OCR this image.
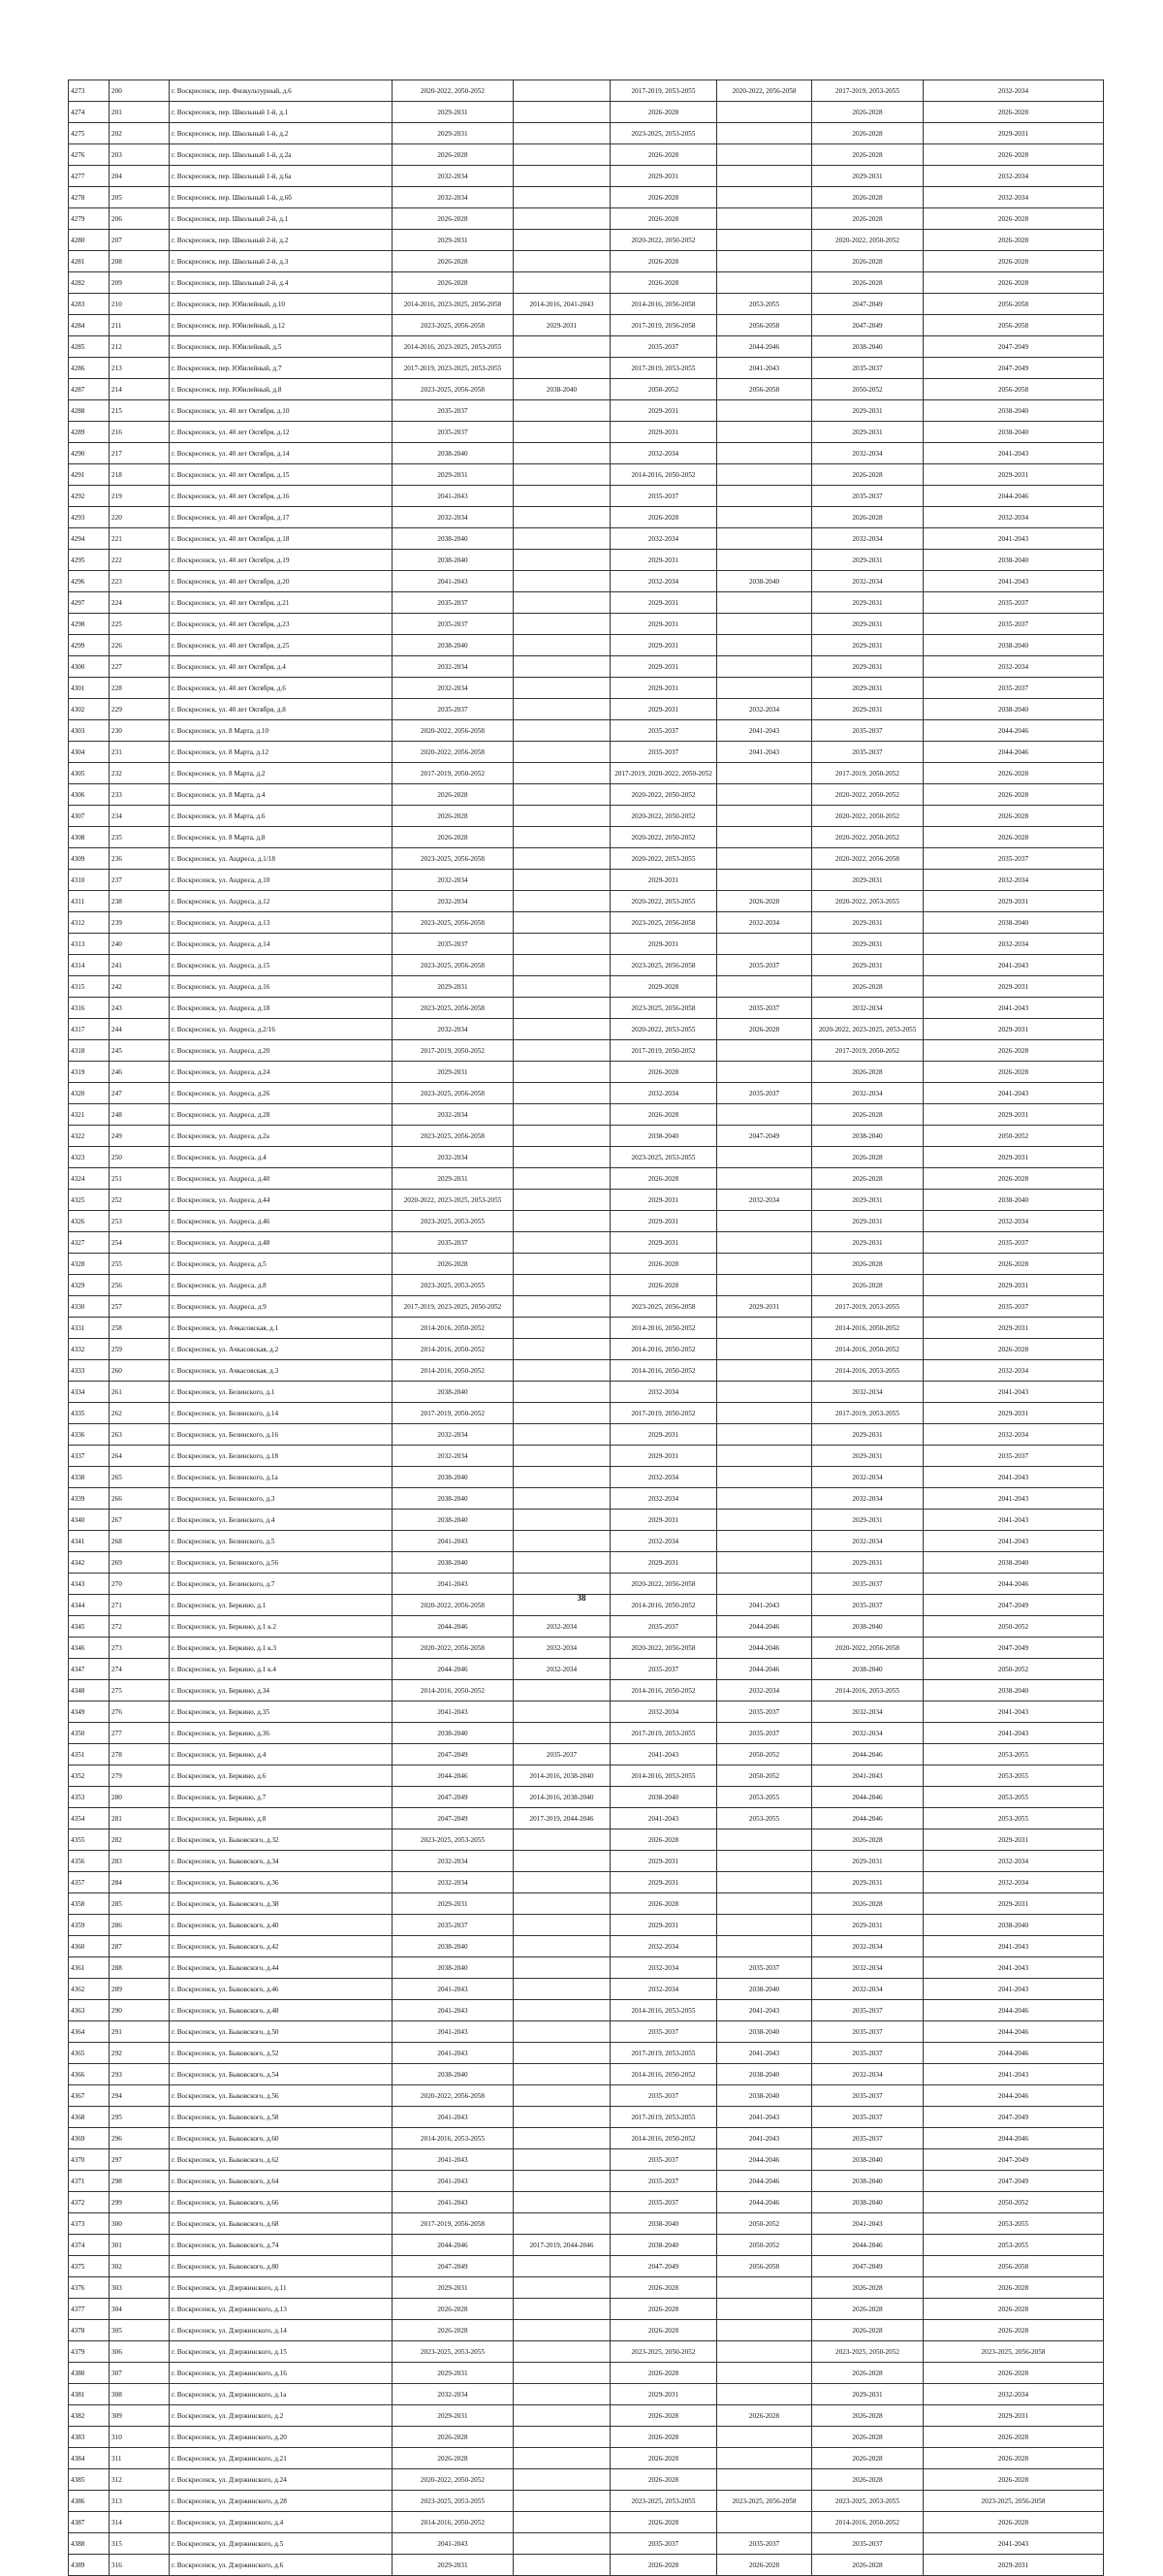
4273	200	г. Воскресенск, пер. Физкультурный, д.6	2020-2022, 2050-2052		2017-2019, 2053-2055	2020-2022, 2056-2058	2017-2019, 2053-2055	2032-2034
4274	201	г. Воскресенск, пер. Школьный 1-й, д.1	2029-2031		2026-2028		2026-2028	2026-2028
4275	202	г. Воскресенск, пер. Школьный 1-й, д.2	2029-2031		2023-2025, 2053-2055		2026-2028	2029-2031
4276	203	г. Воскресенск, пер. Школьный 1-й, д.2а	2026-2028		2026-2028		2026-2028	2026-2028
4277	204	г. Воскресенск, пер. Школьный 1-й, д.6а	2032-2034		2029-2031		2029-2031	2032-2034
4278	205	г. Воскресенск, пер. Школьный 1-й, д.6б	2032-2034		2026-2028		2026-2028	2032-2034
4279	206	г. Воскресенск, пер. Школьный 2-й, д.1	2026-2028		2026-2028		2026-2028	2026-2028
4280	207	г. Воскресенск, пер. Школьный 2-й, д.2	2029-2031		2020-2022, 2050-2052		2020-2022, 2050-2052	2026-2028
4281	208	г. Воскресенск, пер. Школьный 2-й, д.3	2026-2028		2026-2028		2026-2028	2026-2028
4282	209	г. Воскресенск, пер. Школьный 2-й, д.4	2026-2028		2026-2028		2026-2028	2026-2028
4283	210	г. Воскресенск, пер. Юбилейный, д.10	2014-2016, 2023-2025, 2056-2058	2014-2016, 2041-2043	2014-2016, 2056-2058	2053-2055	2047-2049	2056-2058
4284	211	г. Воскресенск, пер. Юбилейный, д.12	2023-2025, 2056-2058	2029-2031	2017-2019, 2056-2058	2056-2058	2047-2049	2056-2058
4285	212	г. Воскресенск, пер. Юбилейный, д.5	2014-2016, 2023-2025, 2053-2055		2035-2037	2044-2046	2038-2040	2047-2049
4286	213	г. Воскресенск, пер. Юбилейный, д.7	2017-2019, 2023-2025, 2053-2055		2017-2019, 2053-2055	2041-2043	2035-2037	2047-2049
4287	214	г. Воскресенск, пер. Юбилейный, д.8	2023-2025, 2056-2058	2038-2040	2050-2052	2056-2058	2050-2052	2056-2058
4288	215	г. Воскресенск, ул. 40 лет Октября, д.10	2035-2037		2029-2031		2029-2031	2038-2040
4289	216	г. Воскресенск, ул. 40 лет Октября, д.12	2035-2037		2029-2031		2029-2031	2038-2040
4290	217	г. Воскресенск, ул. 40 лет Октября, д.14	2038-2040		2032-2034		2032-2034	2041-2043
4291	218	г. Воскресенск, ул. 40 лет Октября, д.15	2029-2031		2014-2016, 2050-2052		2026-2028	2029-2031
4292	219	г. Воскресенск, ул. 40 лет Октября, д.16	2041-2043		2035-2037		2035-2037	2044-2046
4293	220	г. Воскресенск, ул. 40 лет Октября, д.17	2032-2034		2026-2028		2026-2028	2032-2034
4294	221	г. Воскресенск, ул. 40 лет Октября, д.18	2038-2040		2032-2034		2032-2034	2041-2043
4295	222	г. Воскресенск, ул. 40 лет Октября, д.19	2038-2040		2029-2031		2029-2031	2038-2040
4296	223	г. Воскресенск, ул. 40 лет Октября, д.20	2041-2043		2032-2034	2038-2040	2032-2034	2041-2043
4297	224	г. Воскресенск, ул. 40 лет Октября, д.21	2035-2037		2029-2031		2029-2031	2035-2037
4298	225	г. Воскресенск, ул. 40 лет Октября, д.23	2035-2037		2029-2031		2029-2031	2035-2037
4299	226	г. Воскресенск, ул. 40 лет Октября, д.25	2038-2040		2029-2031		2029-2031	2038-2040
4300	227	г. Воскресенск, ул. 40 лет Октября, д.4	2032-2034		2029-2031		2029-2031	2032-2034
4301	228	г. Воскресенск, ул. 40 лет Октября, д.6	2032-2034		2029-2031		2029-2031	2035-2037
4302	229	г. Воскресенск, ул. 40 лет Октября, д.8	2035-2037		2029-2031	2032-2034	2029-2031	2038-2040
4303	230	г. Воскресенск, ул. 8 Марта, д.10	2020-2022, 2056-2058		2035-2037	2041-2043	2035-2037	2044-2046
4304	231	г. Воскресенск, ул. 8 Марта, д.12	2020-2022, 2056-2058		2035-2037	2041-2043	2035-2037	2044-2046
4305	232	г. Воскресенск, ул. 8 Марта, д.2	2017-2019, 2050-2052		2017-2019, 2020-2022, 2050-2052		2017-2019, 2050-2052	2026-2028
4306	233	г. Воскресенск, ул. 8 Марта, д.4	2026-2028		2020-2022, 2050-2052		2020-2022, 2050-2052	2026-2028
4307	234	г. Воскресенск, ул. 8 Марта, д.6	2026-2028		2020-2022, 2050-2052		2020-2022, 2050-2052	2026-2028
4308	235	г. Воскресенск, ул. 8 Марта, д.8	2026-2028		2020-2022, 2050-2052		2020-2022, 2050-2052	2026-2028
4309	236	г. Воскресенск, ул. Андреса, д.1/18	2023-2025, 2056-2058		2020-2022, 2053-2055		2020-2022, 2056-2058	2035-2037
4310	237	г. Воскресенск, ул. Андреса, д.10	2032-2034		2029-2031		2029-2031	2032-2034
4311	238	г. Воскресенск, ул. Андреса, д.12	2032-2034		2020-2022, 2053-2055	2026-2028	2020-2022, 2053-2055	2029-2031
4312	239	г. Воскресенск, ул. Андреса, д.13	2023-2025, 2056-2058		2023-2025, 2056-2058	2032-2034	2029-2031	2038-2040
4313	240	г. Воскресенск, ул. Андреса, д.14	2035-2037		2029-2031		2029-2031	2032-2034
4314	241	г. Воскресенск, ул. Андреса, д.15	2023-2025, 2056-2058		2023-2025, 2056-2058	2035-2037	2029-2031	2041-2043
4315	242	г. Воскресенск, ул. Андреса, д.16	2029-2031		2029-2028		2026-2028	2029-2031
4316	243	г. Воскресенск, ул. Андреса, д.18	2023-2025, 2056-2058		2023-2025, 2056-2058	2035-2037	2032-2034	2041-2043
4317	244	г. Воскресенск, ул. Андреса, д.2/16	2032-2034		2020-2022, 2053-2055	2026-2028	2020-2022, 2023-2025, 2053-2055	2029-2031
4318	245	г. Воскресенск, ул. Андреса, д.20	2017-2019, 2050-2052		2017-2019, 2050-2052		2017-2019, 2050-2052	2026-2028
4319	246	г. Воскресенск, ул. Андреса, д.24	2029-2031		2026-2028		2026-2028	2026-2028
4320	247	г. Воскресенск, ул. Андреса, д.26	2023-2025, 2056-2058		2032-2034	2035-2037	2032-2034	2041-2043
4321	248	г. Воскресенск, ул. Андреса, д.28	2032-2034		2026-2028		2026-2028	2029-2031
4322	249	г. Воскресенск, ул. Андреса, д.2а	2023-2025, 2056-2058		2038-2040	2047-2049	2038-2040	2050-2052
4323	250	г. Воскресенск, ул. Андреса, д.4	2032-2034		2023-2025, 2053-2055		2026-2028	2029-2031
4324	251	г. Воскресенск, ул. Андреса, д.40	2029-2031		2026-2028		2026-2028	2026-2028
4325	252	г. Воскресенск, ул. Андреса, д.44	2020-2022, 2023-2025, 2053-2055		2029-2031	2032-2034	2029-2031	2038-2040
4326	253	г. Воскресенск, ул. Андреса, д.46	2023-2025, 2053-2055		2029-2031		2029-2031	2032-2034
4327	254	г. Воскресенск, ул. Андреса, д.48	2035-2037		2029-2031		2029-2031	2035-2037
4328	255	г. Воскресенск, ул. Андреса, д.5	2026-2028		2026-2028		2026-2028	2026-2028
4329	256	г. Воскресенск, ул. Андреса, д.8	2023-2025, 2053-2055		2026-2028		2026-2028	2029-2031
4330	257	г. Воскресенск, ул. Андреса, д.9	2017-2019, 2023-2025, 2050-2052		2023-2025, 2056-2058	2029-2031	2017-2019, 2053-2055	2035-2037
4331	258	г. Воскресенск, ул. Ачкасовская, д.1	2014-2016, 2050-2052		2014-2016, 2050-2052		2014-2016, 2050-2052	2029-2031
4332	259	г. Воскресенск, ул. Ачкасовская, д.2	2014-2016, 2050-2052		2014-2016, 2050-2052		2014-2016, 2050-2052	2026-2028
4333	260	г. Воскресенск, ул. Ачкасовская, д.3	2014-2016, 2050-2052		2014-2016, 2050-2052		2014-2016, 2053-2055	2032-2034
4334	261	г. Воскресенск, ул. Белинского, д.1	2038-2040		2032-2034		2032-2034	2041-2043
4335	262	г. Воскресенск, ул. Белинского, д.14	2017-2019, 2050-2052		2017-2019, 2050-2052		2017-2019, 2053-2055	2029-2031
4336	263	г. Воскресенск, ул. Белинского, д.16	2032-2034		2029-2031		2029-2031	2032-2034
4337	264	г. Воскресенск, ул. Белинского, д.18	2032-2034		2029-2031		2029-2031	2035-2037
4338	265	г. Воскресенск, ул. Белинского, д.1а	2038-2040		2032-2034		2032-2034	2041-2043
4339	266	г. Воскресенск, ул. Белинского, д.3	2038-2040		2032-2034		2032-2034	2041-2043
4340	267	г. Воскресенск, ул. Белинского, д.4	2038-2040		2029-2031		2029-2031	2041-2043
4341	268	г. Воскресенск, ул. Белинского, д.5	2041-2043		2032-2034		2032-2034	2041-2043
4342	269	г. Воскресенск, ул. Белинского, д.56	2038-2040		2029-2031		2029-2031	2038-2040
4343	270	г. Воскресенск, ул. Белинского, д.7	2041-2043		2020-2022, 2056-2058		2035-2037	2044-2046
4344	271	г. Воскресенск, ул. Беркино, д.1	2020-2022, 2056-2058		2014-2016, 2050-2052	2041-2043	2035-2037	2047-2049
4345	272	г. Воскресенск, ул. Беркино, д.1 к.2	2044-2046	2032-2034	2035-2037	2044-2046	2038-2040	2050-2052
4346	273	г. Воскресенск, ул. Беркино, д.1 к.3	2020-2022, 2056-2058	2032-2034	2020-2022, 2056-2058	2044-2046	2020-2022, 2056-2058	2047-2049
4347	274	г. Воскресенск, ул. Беркино, д.1 к.4	2044-2046	2032-2034	2035-2037	2044-2046	2038-2040	2050-2052
4348	275	г. Воскресенск, ул. Беркино, д.34	2014-2016, 2050-2052		2014-2016, 2050-2052	2032-2034	2014-2016, 2053-2055	2038-2040
4349	276	г. Воскресенск, ул. Беркино, д.35	2041-2043		2032-2034	2035-2037	2032-2034	2041-2043
4350	277	г. Воскресенск, ул. Беркино, д.36	2038-2040		2017-2019, 2053-2055	2035-2037	2032-2034	2041-2043
4351	278	г. Воскресенск, ул. Беркино, д.4	2047-2049	2035-2037	2041-2043	2050-2052	2044-2046	2053-2055
4352	279	г. Воскресенск, ул. Беркино, д.6	2044-2046	2014-2016, 2038-2040	2014-2016, 2053-2055	2050-2052	2041-2043	2053-2055
4353	280	г. Воскресенск, ул. Беркино, д.7	2047-2049	2014-2016, 2038-2040	2038-2040	2053-2055	2044-2046	2053-2055
4354	281	г. Воскресенск, ул. Беркино, д.8	2047-2049	2017-2019, 2044-2046	2041-2043	2053-2055	2044-2046	2053-2055
4355	282	г. Воскресенск, ул. Быковского, д.32	2023-2025, 2053-2055		2026-2028		2026-2028	2029-2031
4356	283	г. Воскресенск, ул. Быковского, д.34	2032-2034		2029-2031		2029-2031	2032-2034
4357	284	г. Воскресенск, ул. Быковского, д.36	2032-2034		2029-2031		2029-2031	2032-2034
4358	285	г. Воскресенск, ул. Быковского, д.38	2029-2031		2026-2028		2026-2028	2029-2031
4359	286	г. Воскресенск, ул. Быковского, д.40	2035-2037		2029-2031		2029-2031	2038-2040
4360	287	г. Воскресенск, ул. Быковского, д.42	2038-2040		2032-2034		2032-2034	2041-2043
4361	288	г. Воскресенск, ул. Быковского, д.44	2038-2040		2032-2034	2035-2037	2032-2034	2041-2043
4362	289	г. Воскресенск, ул. Быковского, д.46	2041-2043		2032-2034	2038-2040	2032-2034	2041-2043
4363	290	г. Воскресенск, ул. Быковского, д.48	2041-2043		2014-2016, 2053-2055	2041-2043	2035-2037	2044-2046
4364	291	г. Воскресенск, ул. Быковского, д.50	2041-2043		2035-2037	2038-2040	2035-2037	2044-2046
4365	292	г. Воскресенск, ул. Быковского, д.52	2041-2043		2017-2019, 2053-2055	2041-2043	2035-2037	2044-2046
4366	293	г. Воскресенск, ул. Быковского, д.54	2038-2040		2014-2016, 2050-2052	2038-2040	2032-2034	2041-2043
4367	294	г. Воскресенск, ул. Быковского, д.56	2020-2022, 2056-2058		2035-2037	2038-2040	2035-2037	2044-2046
4368	295	г. Воскресенск, ул. Быковского, д.58	2041-2043		2017-2019, 2053-2055	2041-2043	2035-2037	2047-2049
4369	296	г. Воскресенск, ул. Быковского, д.60	2014-2016, 2053-2055		2014-2016, 2050-2052	2041-2043	2035-2037	2044-2046
4370	297	г. Воскресенск, ул. Быковского, д.62	2041-2043		2035-2037	2044-2046	2038-2040	2047-2049
4371	298	г. Воскресенск, ул. Быковского, д.64	2041-2043		2035-2037	2044-2046	2038-2040	2047-2049
4372	299	г. Воскресенск, ул. Быковского, д.66	2041-2043		2035-2037	2044-2046	2038-2040	2050-2052
4373	300	г. Воскресенск, ул. Быковского, д.68	2017-2019, 2056-2058		2038-2040	2050-2052	2041-2043	2053-2055
4374	301	г. Воскресенск, ул. Быковского, д.74	2044-2046	2017-2019, 2044-2046	2038-2040	2050-2052	2044-2046	2053-2055
4375	302	г. Воскресенск, ул. Быковского, д.80	2047-2049		2047-2049	2056-2058	2047-2049	2056-2058
4376	303	г. Воскресенск, ул. Дзержинского, д.11	2029-2031		2026-2028		2026-2028	2026-2028
4377	304	г. Воскресенск, ул. Дзержинского, д.13	2026-2028		2026-2028		2026-2028	2026-2028
4378	305	г. Воскресенск, ул. Дзержинского, д.14	2026-2028		2026-2028		2026-2028	2026-2028
4379	306	г. Воскресенск, ул. Дзержинского, д.15	2023-2025, 2053-2055		2023-2025, 2050-2052		2023-2025, 2050-2052	2023-2025, 2056-2058
4380	307	г. Воскресенск, ул. Дзержинского, д.16	2029-2031		2026-2028		2026-2028	2026-2028
4381	308	г. Воскресенск, ул. Дзержинского, д.1а	2032-2034		2029-2031		2029-2031	2032-2034
4382	309	г. Воскресенск, ул. Дзержинского, д.2	2029-2031		2026-2028	2026-2028	2026-2028	2029-2031
4383	310	г. Воскресенск, ул. Дзержинского, д.20	2026-2028		2026-2028		2026-2028	2026-2028
4384	311	г. Воскресенск, ул. Дзержинского, д.21	2026-2028		2026-2028		2026-2028	2026-2028
4385	312	г. Воскресенск, ул. Дзержинского, д.24	2020-2022, 2050-2052		2026-2028		2026-2028	2026-2028
4386	313	г. Воскресенск, ул. Дзержинского, д.28	2023-2025, 2053-2055		2023-2025, 2053-2055	2023-2025, 2056-2058	2023-2025, 2053-2055	2023-2025, 2056-2058
4387	314	г. Воскресенск, ул. Дзержинского, д.4	2014-2016, 2050-2052		2026-2028		2014-2016, 2050-2052	2026-2028
4388	315	г. Воскресенск, ул. Дзержинского, д.5	2041-2043		2035-2037	2035-2037	2035-2037	2041-2043
4389	316	г. Воскресенск, ул. Дзержинского, д.6	2029-2031		2026-2028	2026-2028	2026-2028	2029-2031
38
